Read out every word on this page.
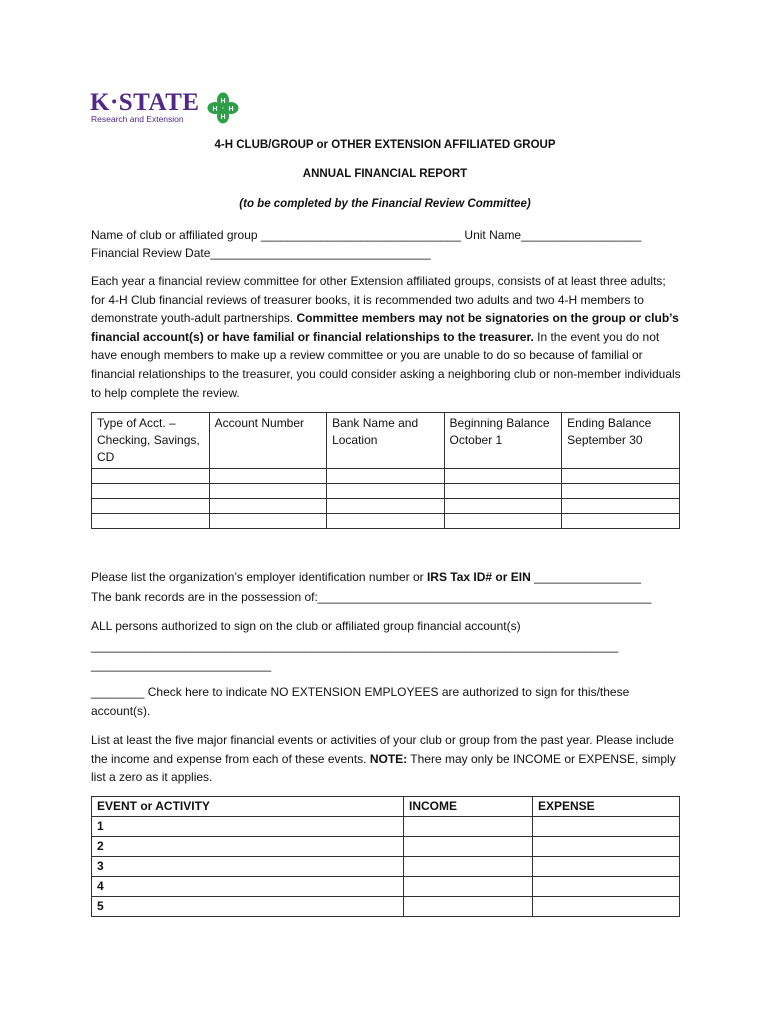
K·STATE
Research and Extension
H
H
H H
4-H CLUB/GROUP or OTHER EXTENSION AFFILIATED GROUP
ANNUAL FINANCIAL REPORT
(to be completed by the Financial Review Committee)
Name of club or affiliated group ______________________________ Unit Name__________________
Financial Review Date_________________________________
Each year a financial review committee for other Extension affiliated groups, consists of at least three adults; for 4-H Club financial reviews of treasurer books, it is recommended two adults and two 4-H members to demonstrate youth-adult partnerships. Committee members may not be signatories on the group or club’s financial account(s) or have familial or financial relationships to the treasurer. In the event you do not have enough members to make up a review committee or you are unable to do so because of familial or financial relationships to the treasurer, you could consider asking a neighboring club or non-member individuals to help complete the review.
Type of Acct. – Checking, Savings, CD	Account Number	Bank Name and Location	Beginning Balance October 1	Ending Balance September 30

Please list the organization’s employer identification number or IRS Tax ID# or EIN ________________
The bank records are in the possession of:__________________________________________________
ALL persons authorized to sign on the club or affiliated group financial account(s)
_______________________________________________________________________________
___________________________
________ Check here to indicate NO EXTENSION EMPLOYEES are authorized to sign for this/these account(s).
List at least the five major financial events or activities of your club or group from the past year. Please include the income and expense from each of these events. NOTE: There may only be INCOME or EXPENSE, simply list a zero as it applies.
EVENT or ACTIVITY	INCOME	EXPENSE
1		
2		
3		
4		
5		
